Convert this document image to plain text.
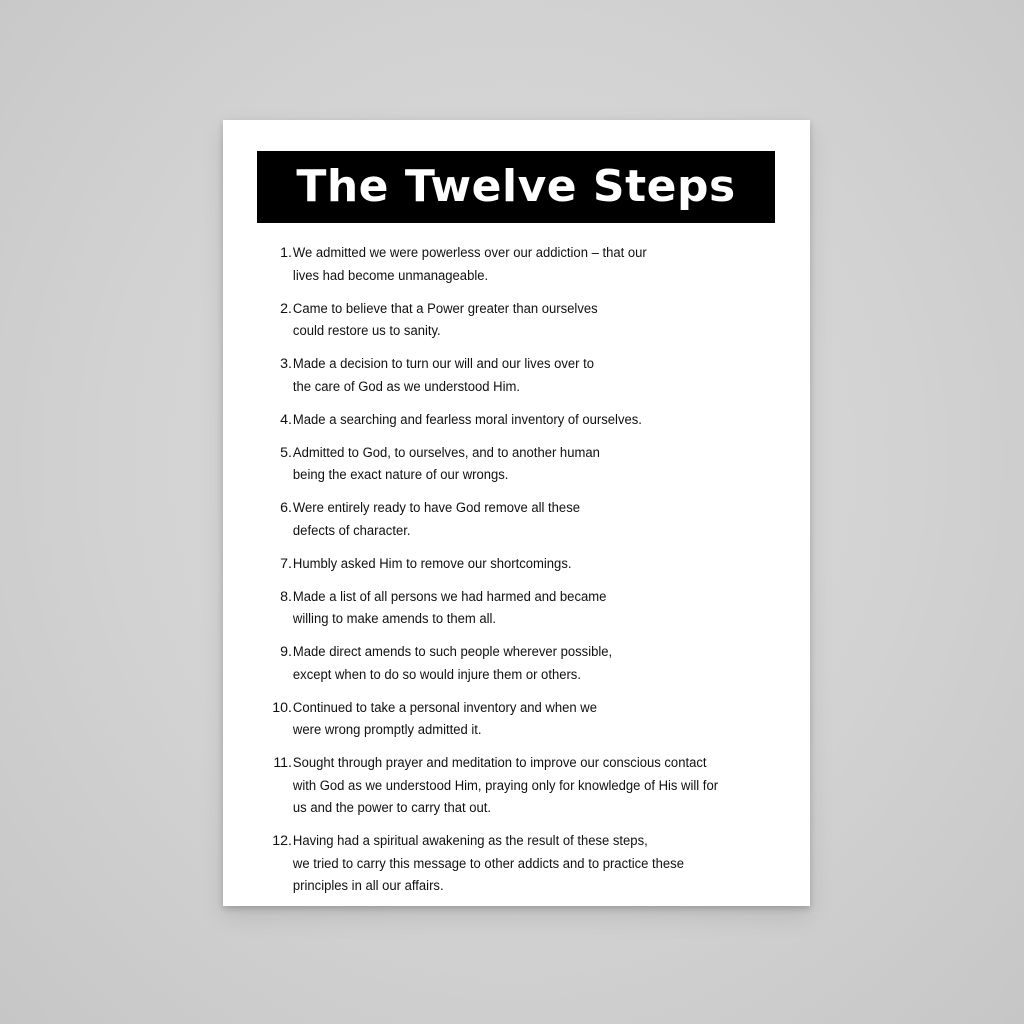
The Twelve Steps
1. We admitted we were powerless over our addiction – that our
lives had become unmanageable.
2. Came to believe that a Power greater than ourselves
could restore us to sanity.
3. Made a decision to turn our will and our lives over to
the care of God as we understood Him.
4. Made a searching and fearless moral inventory of ourselves.
5. Admitted to God, to ourselves, and to another human
being the exact nature of our wrongs.
6. Were entirely ready to have God remove all these
defects of character.
7. Humbly asked Him to remove our shortcomings.
8. Made a list of all persons we had harmed and became
willing to make amends to them all.
9. Made direct amends to such people wherever possible,
except when to do so would injure them or others.
10. Continued to take a personal inventory and when we
were wrong promptly admitted it.
11. Sought through prayer and meditation to improve our conscious contact
with God as we understood Him, praying only for knowledge of His will for
us and the power to carry that out.
12. Having had a spiritual awakening as the result of these steps,
we tried to carry this message to other addicts and to practice these
principles in all our affairs.
